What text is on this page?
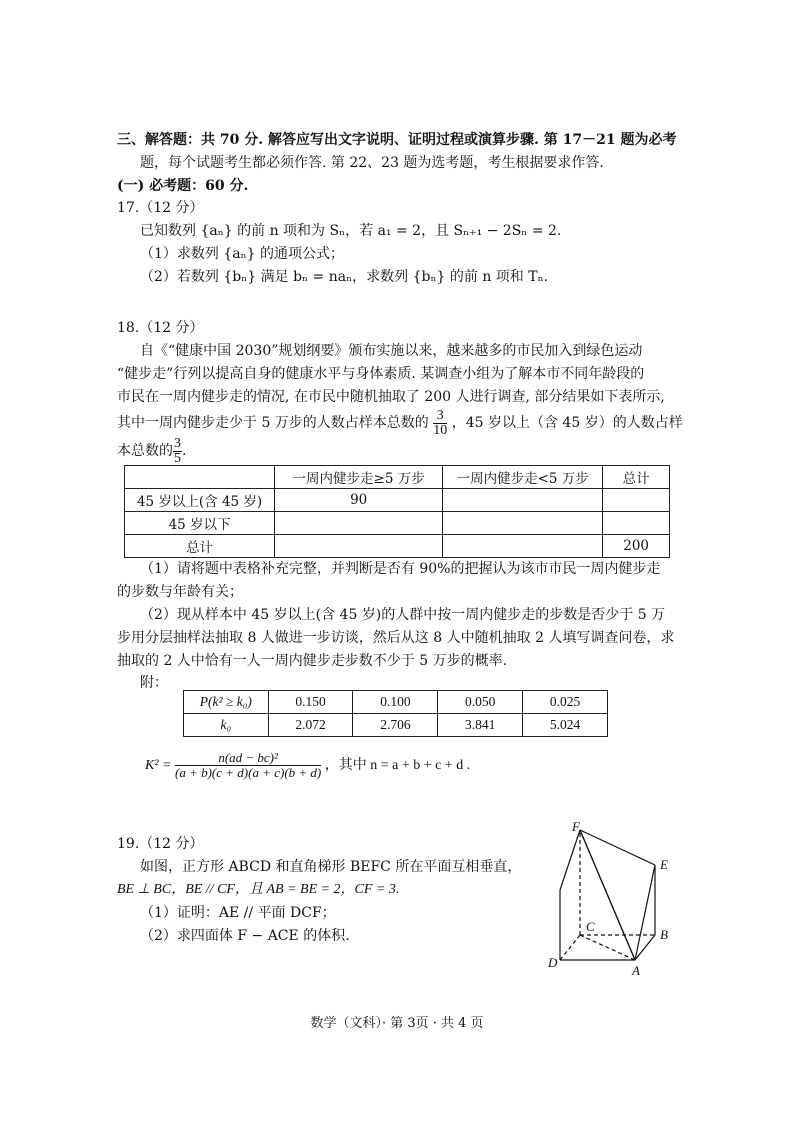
三、解答题：共 70 分. 解答应写出文字说明、证明过程或演算步骤. 第 17－21 题为必考
题，每个试题考生都必须作答. 第 22、23 题为选考题，考生根据要求作答.
(一) 必考题：60 分.
17.（12 分）
已知数列 {aₙ} 的前 n 项和为 Sₙ，若 a₁ = 2，且 Sₙ₊₁ − 2Sₙ = 2.
（1）求数列 {aₙ} 的通项公式；
（2）若数列 {bₙ} 满足 bₙ = naₙ，求数列 {bₙ} 的前 n 项和 Tₙ.
18.（12 分）
自《“健康中国 2030”规划纲要》颁布实施以来，越来越多的市民加入到绿色运动
“健步走”行列以提高自身的健康水平与身体素质. 某调查小组为了解本市不同年龄段的
市民在一周内健步走的情况, 在市民中随机抽取了 200 人进行调查, 部分结果如下表所示,
其中一周内健步走少于 5 万步的人数占样本总数的 $\frac{3}{10}$ ，45 岁以上（含 45 岁）的人数占样
本总数的 $\frac{3}{5}$ .
	一周内健步走≥5 万步	一周内健步走<5 万步	总计
45 岁以上(含 45 岁)	90		
45 岁以下			
总计			200
（1）请将题中表格补充完整，并判断是否有 90%的把握认为该市市民一周内健步走
的步数与年龄有关；
（2）现从样本中 45 岁以上(含 45 岁)的人群中按一周内健步走的步数是否少于 5 万
步用分层抽样法抽取 8 人做进一步访谈，然后从这 8 人中随机抽取 2 人填写调查问卷，求
抽取的 2 人中恰有一人一周内健步走步数不少于 5 万步的概率.
附：
P(k² ≥ k₀)	0.150	0.100	0.050	0.025
k₀	2.072	2.706	3.841	5.024
$K^2 = \frac{\text{n(ad − bc)²}}{(a + b)(c + d)(a + c)(b + d)}$ ，其中 n = a + b + c + d .
19.（12 分）
如图，正方形 ABCD 和直角梯形 BEFC 所在平面互相垂直，
BE ⊥ BC，BE // CF，且 AB = BE = 2，CF = 3.
（1）证明：AE // 平面 DCF；
（2）求四面体 F − ACE 的体积.
F
E
C
B
D
A
数学（文科）· 第 3页 · 共 4 页
